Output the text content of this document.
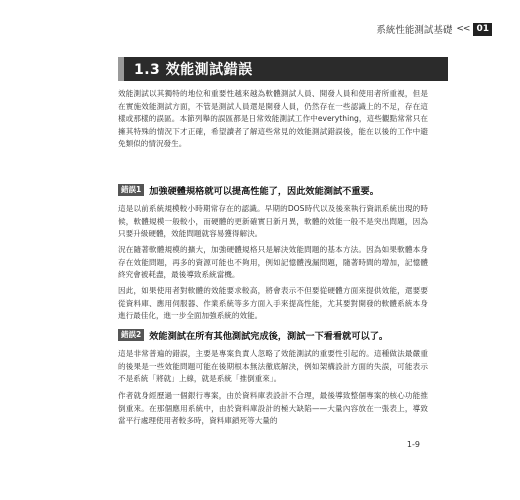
系統性能測試基礎 << 01
1.3 效能測試錯誤

效能測試以其獨特的地位和重要性越來越為軟體測試人員、開發人員和使用者所重視，但是在實施效能測試方面，不管是測試人員還是開發人員，仍然存在一些認識上的不足，存在這樣或那樣的誤區。本節列舉的誤區都是日常效能測試工作中everything，這些觀點常常只在擁其特殊的情況下才正確，希望讀者了解這些常見的效能測試錯誤後，能在以後的工作中避免類似的情況發生。

錯誤1 加強硬體規格就可以提高性能了，因此效能測試不重要。

這是以前系統規模較小時期常存在的認識。早期的DOS時代以及後來執行資訊系統出現的時候，軟體規模一般較小，而硬體的更新確實日新月異，軟體的效能一般不是突出問題，因為只要升級硬體，效能問題就容易獲得解決。

況在隨著軟體規模的擴大，加強硬體規格只是解決效能問題的基本方法。因為如果軟體本身存在效能問題，再多的資源可能也不夠用，例如記憶體洩漏問題，隨著時間的增加，記憶體終究會被耗盡，最後導致系統當機。

因此，如果使用者對軟體的效能要求較高，將會表示不但要從硬體方面來提供效能，還要要從資料庫、應用伺服器、作業系統等多方面入手來提高性能，尤其要對開發的軟體系統本身進行最佳化，進一步全面加強系統的效能。

錯誤2 效能測試在所有其他測試完成後，測試一下看看就可以了。

這是非常普遍的錯誤，主要是專案負責人忽略了效能測試的重要性引起的。這種做法最嚴重的後果是一些效能問題可能在後期根本無法徹底解決，例如架構設計方面的失誤，可能表示不是系統「將就」上線，就是系統「推倒重來」。

作者就身經歷過一個銀行專案，由於資料庫表設計不合理，最後導致整個專案的核心功能推倒重來。在那個應用系統中，由於資料庫設計的極大缺陷——大量內容放在一張表上，導致當平行處理使用者較多時，資料庫鎖死等大量的

1-9
